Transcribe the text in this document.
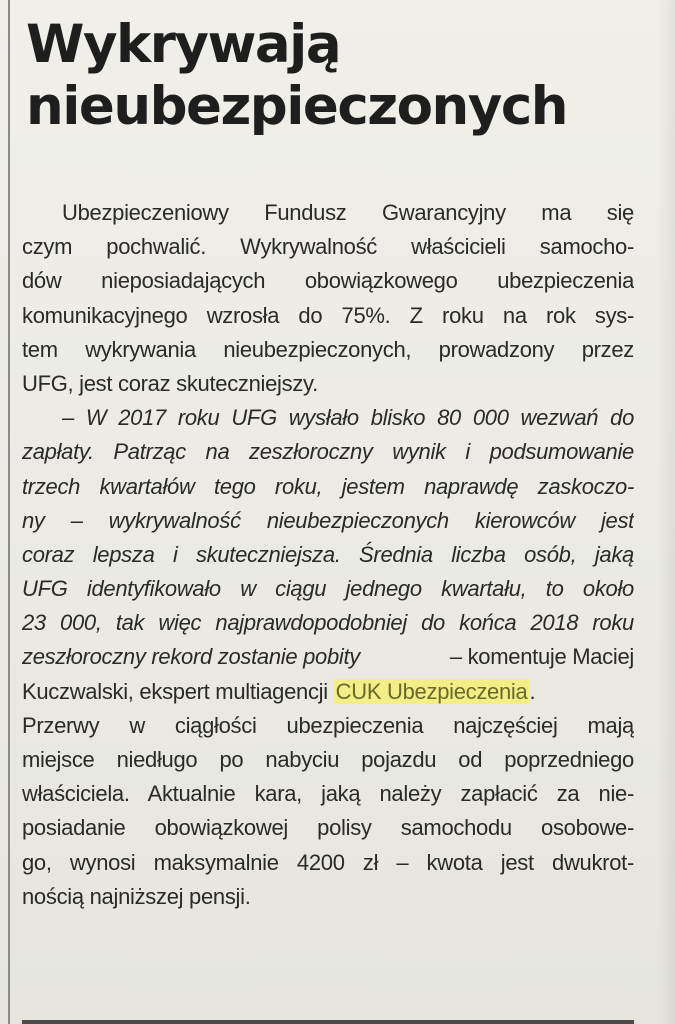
Wykrywają
nieubezpieczonych
Ubezpieczeniowy Fundusz Gwarancyjny ma się
czym pochwalić. Wykrywalność właścicieli samocho-
dów nieposiadających obowiązkowego ubezpieczenia
komunikacyjnego wzrosła do 75%. Z roku na rok sys-
tem wykrywania nieubezpieczonych, prowadzony przez
UFG, jest coraz skuteczniejszy.
– W 2017 roku UFG wysłało blisko 80 000 wezwań do
zapłaty. Patrząc na zeszłoroczny wynik i podsumowanie
trzech kwartałów tego roku, jestem naprawdę zaskoczo-
ny – wykrywalność nieubezpieczonych kierowców jest
coraz lepsza i skuteczniejsza. Średnia liczba osób, jaką
UFG identyfikowało w ciągu jednego kwartału, to około
23 000, tak więc najprawdopodobniej do końca 2018 roku
zeszłoroczny rekord zostanie pobity	– komentuje Maciej
Kuczwalski, ekspert multiagencji CUK Ubezpieczenia.
Przerwy w ciągłości ubezpieczenia najczęściej mają
miejsce niedługo po nabyciu pojazdu od poprzedniego
właściciela. Aktualnie kara, jaką należy zapłacić za nie-
posiadanie obowiązkowej polisy samochodu osobowe-
go, wynosi maksymalnie 4200 zł – kwota jest dwukrot-
nością najniższej pensji.
